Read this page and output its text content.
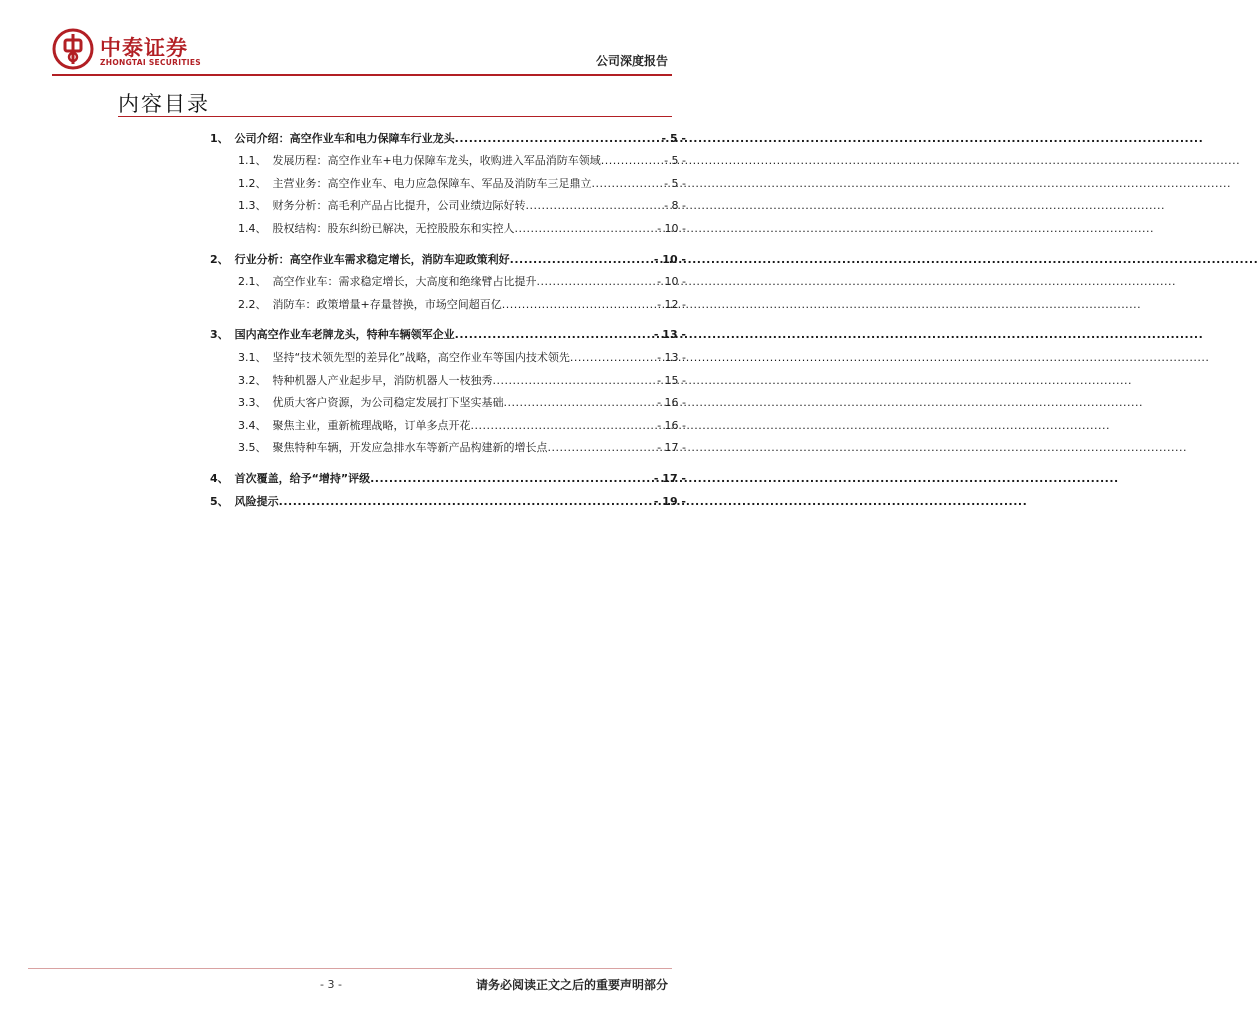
中泰证券
ZHONGTAI SECURITIES	公司深度报告
内容目录
1、 公司介绍：高空作业车和电力保障车行业龙头 .....	- 5 -
1.1、 发展历程：高空作业车+电力保障车龙头，收购进入军品消防车领域 .....	- 5 -
1.2、 主营业务：高空作业车、电力应急保障车、军品及消防车三足鼎立 .....	- 5 -
1.3、 财务分析：高毛利产品占比提升，公司业绩边际好转 .....	- 8 -
1.4、 股权结构：股东纠纷已解决，无控股股东和实控人 .....	- 10 -
2、 行业分析：高空作业车需求稳定增长，消防车迎政策利好 .....	- 10 -
2.1、 高空作业车：需求稳定增长，大高度和绝缘臂占比提升 .....	- 10 -
2.2、 消防车：政策增量+存量替换，市场空间超百亿 .....	- 12 -
3、 国内高空作业车老牌龙头，特种车辆领军企业 .....	- 13 -
3.1、 坚持“技术领先型的差异化”战略，高空作业车等国内技术领先 .....	- 13 -
3.2、 特种机器人产业起步早，消防机器人一枝独秀 .....	- 15 -
3.3、 优质大客户资源，为公司稳定发展打下坚实基础 .....	- 16 -
3.4、 聚焦主业，重新梳理战略，订单多点开花 .....	- 16 -
3.5、 聚焦特种车辆，开发应急排水车等新产品构建新的增长点 .....	- 17 -
4、 首次覆盖，给予“增持”评级 .....	- 17 -
5、 风险提示 .....	- 19 -
- 3 -	请务必阅读正文之后的重要声明部分
